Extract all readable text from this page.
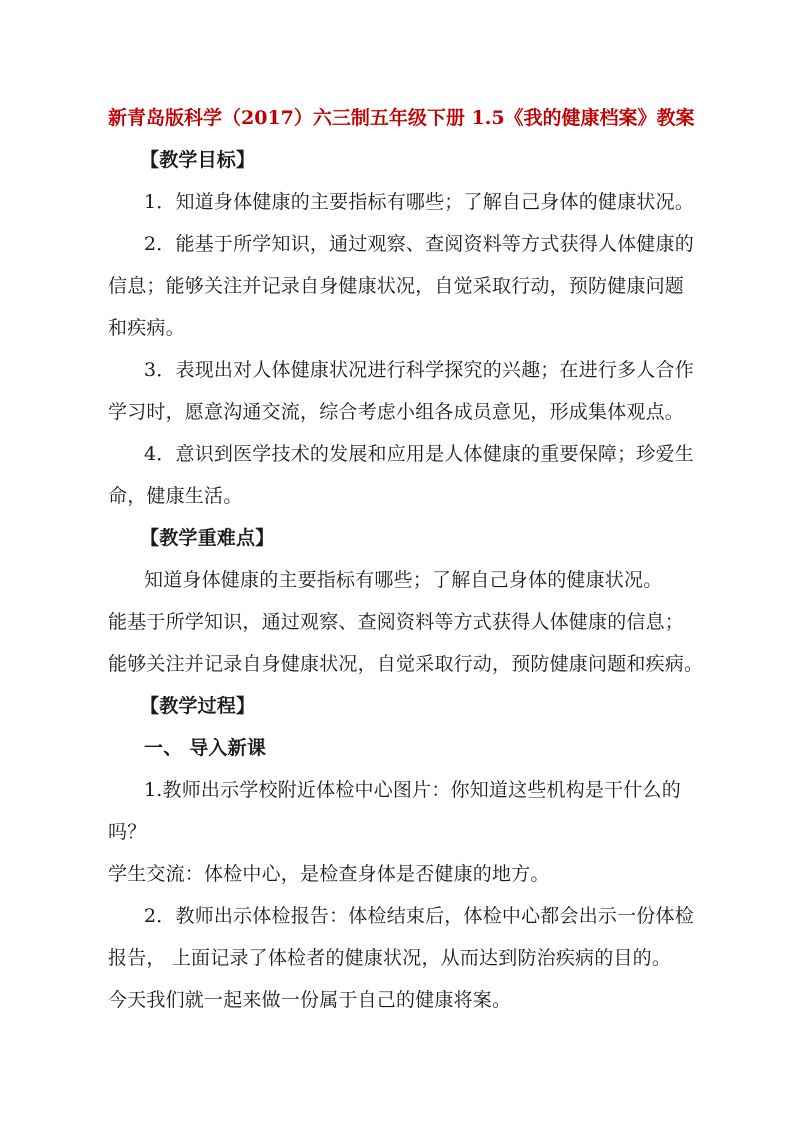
新青岛版科学（2017）六三制五年级下册 1.5《我的健康档案》教案
【教学目标】
1．知道身体健康的主要指标有哪些；了解自己身体的健康状况。
2．能基于所学知识，通过观察、查阅资料等方式获得人体健康的
信息；能够关注并记录自身健康状况，自觉采取行动，预防健康问题
和疾病。
3．表现出对人体健康状况进行科学探究的兴趣；在进行多人合作
学习时，愿意沟通交流，综合考虑小组各成员意见，形成集体观点。
4．意识到医学技术的发展和应用是人体健康的重要保障；珍爱生
命，健康生活。
【教学重难点】
知道身体健康的主要指标有哪些；了解自己身体的健康状况。
能基于所学知识，通过观察、查阅资料等方式获得人体健康的信息；
能够关注并记录自身健康状况，自觉采取行动，预防健康问题和疾病。
【教学过程】
一、 导入新课
1.教师出示学校附近体检中心图片：你知道这些机构是干什么的
吗？
学生交流：体检中心，是检查身体是否健康的地方。
2．教师出示体检报告：体检结束后，体检中心都会出示一份体检
报告， 上面记录了体检者的健康状况，从而达到防治疾病的目的。
今天我们就一起来做一份属于自己的健康将案。
